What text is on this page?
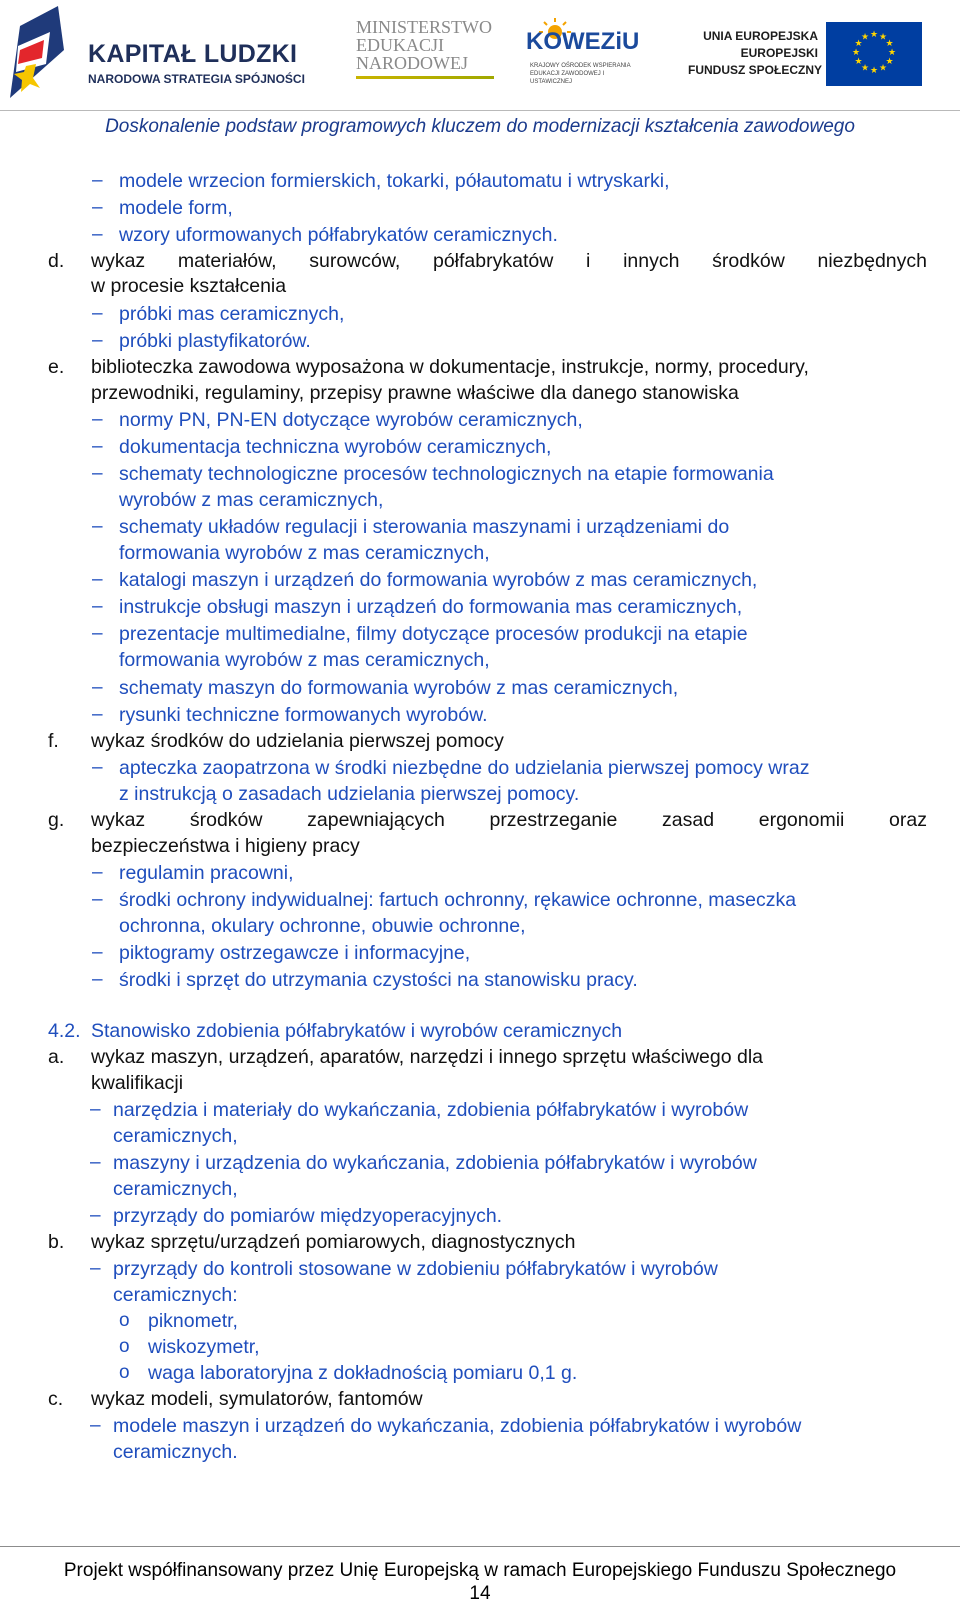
KAPITAŁ LUDZKI
NARODOWA STRATEGIA SPÓJNOŚCI
MINISTERSTWO
EDUKACJI
NARODOWEJ
KOWEZiU
KRAJOWY OŚRODEK WSPIERANIA EDUKACJI ZAWODOWEJ I USTAWICZNEJ
UNIA EUROPEJSKA
EUROPEJSKI
FUNDUSZ SPOŁECZNY
★ ★
★
★
★
★
★
★
★
★
★
★
Doskonalenie podstaw programowych kluczem do modernizacji kształcenia zawodowego
– modele wrzecion formierskich, tokarki, półautomatu i wtryskarki,
– modele form,
– wzory uformowanych półfabrykatów ceramicznych.
d. wykaz materiałów, surowców, półfabrykatów i innych środków niezbędnych
w procesie kształcenia
– próbki mas ceramicznych,
– próbki plastyfikatorów.
e. biblioteczka zawodowa wyposażona w dokumentacje, instrukcje, normy, procedury,
przewodniki, regulaminy, przepisy prawne właściwe dla danego stanowiska
– normy PN, PN-EN dotyczące wyrobów ceramicznych,
– dokumentacja techniczna wyrobów ceramicznych,
– schematy technologiczne procesów technologicznych na etapie formowania
wyrobów z mas ceramicznych,
– schematy układów regulacji i sterowania maszynami i urządzeniami do
formowania wyrobów z mas ceramicznych,
– katalogi maszyn i urządzeń do formowania wyrobów z mas ceramicznych,
– instrukcje obsługi maszyn i urządzeń do formowania mas ceramicznych,
– prezentacje multimedialne, filmy dotyczące procesów produkcji na etapie
formowania wyrobów z mas ceramicznych,
– schematy maszyn do formowania wyrobów z mas ceramicznych,
– rysunki techniczne formowanych wyrobów.
f. wykaz środków do udzielania pierwszej pomocy
– apteczka zaopatrzona w środki niezbędne do udzielania pierwszej pomocy wraz
z instrukcją o zasadach udzielania pierwszej pomocy.
g. wykaz środków zapewniających przestrzeganie zasad ergonomii oraz
bezpieczeństwa i higieny pracy
– regulamin pracowni,
– środki ochrony indywidualnej: fartuch ochronny, rękawice ochronne, maseczka
ochronna, okulary ochronne, obuwie ochronne,
– piktogramy ostrzegawcze i informacyjne,
– środki i sprzęt do utrzymania czystości na stanowisku pracy.
4.2. Stanowisko zdobienia półfabrykatów i wyrobów ceramicznych
a. wykaz maszyn, urządzeń, aparatów, narzędzi i innego sprzętu właściwego dla
kwalifikacji
– narzędzia i materiały do wykańczania, zdobienia półfabrykatów i wyrobów
ceramicznych,
– maszyny i urządzenia do wykańczania, zdobienia półfabrykatów i wyrobów
ceramicznych,
– przyrządy do pomiarów międzyoperacyjnych.
b. wykaz sprzętu/urządzeń pomiarowych, diagnostycznych
– przyrządy do kontroli stosowane w zdobieniu półfabrykatów i wyrobów
ceramicznych:
o piknometr,
o wiskozymetr,
o waga laboratoryjna z dokładnością pomiaru 0,1 g.
c. wykaz modeli, symulatorów, fantomów
– modele maszyn i urządzeń do wykańczania, zdobienia półfabrykatów i wyrobów
ceramicznych.
Projekt współfinansowany przez Unię Europejską w ramach Europejskiego Funduszu Społecznego
14
